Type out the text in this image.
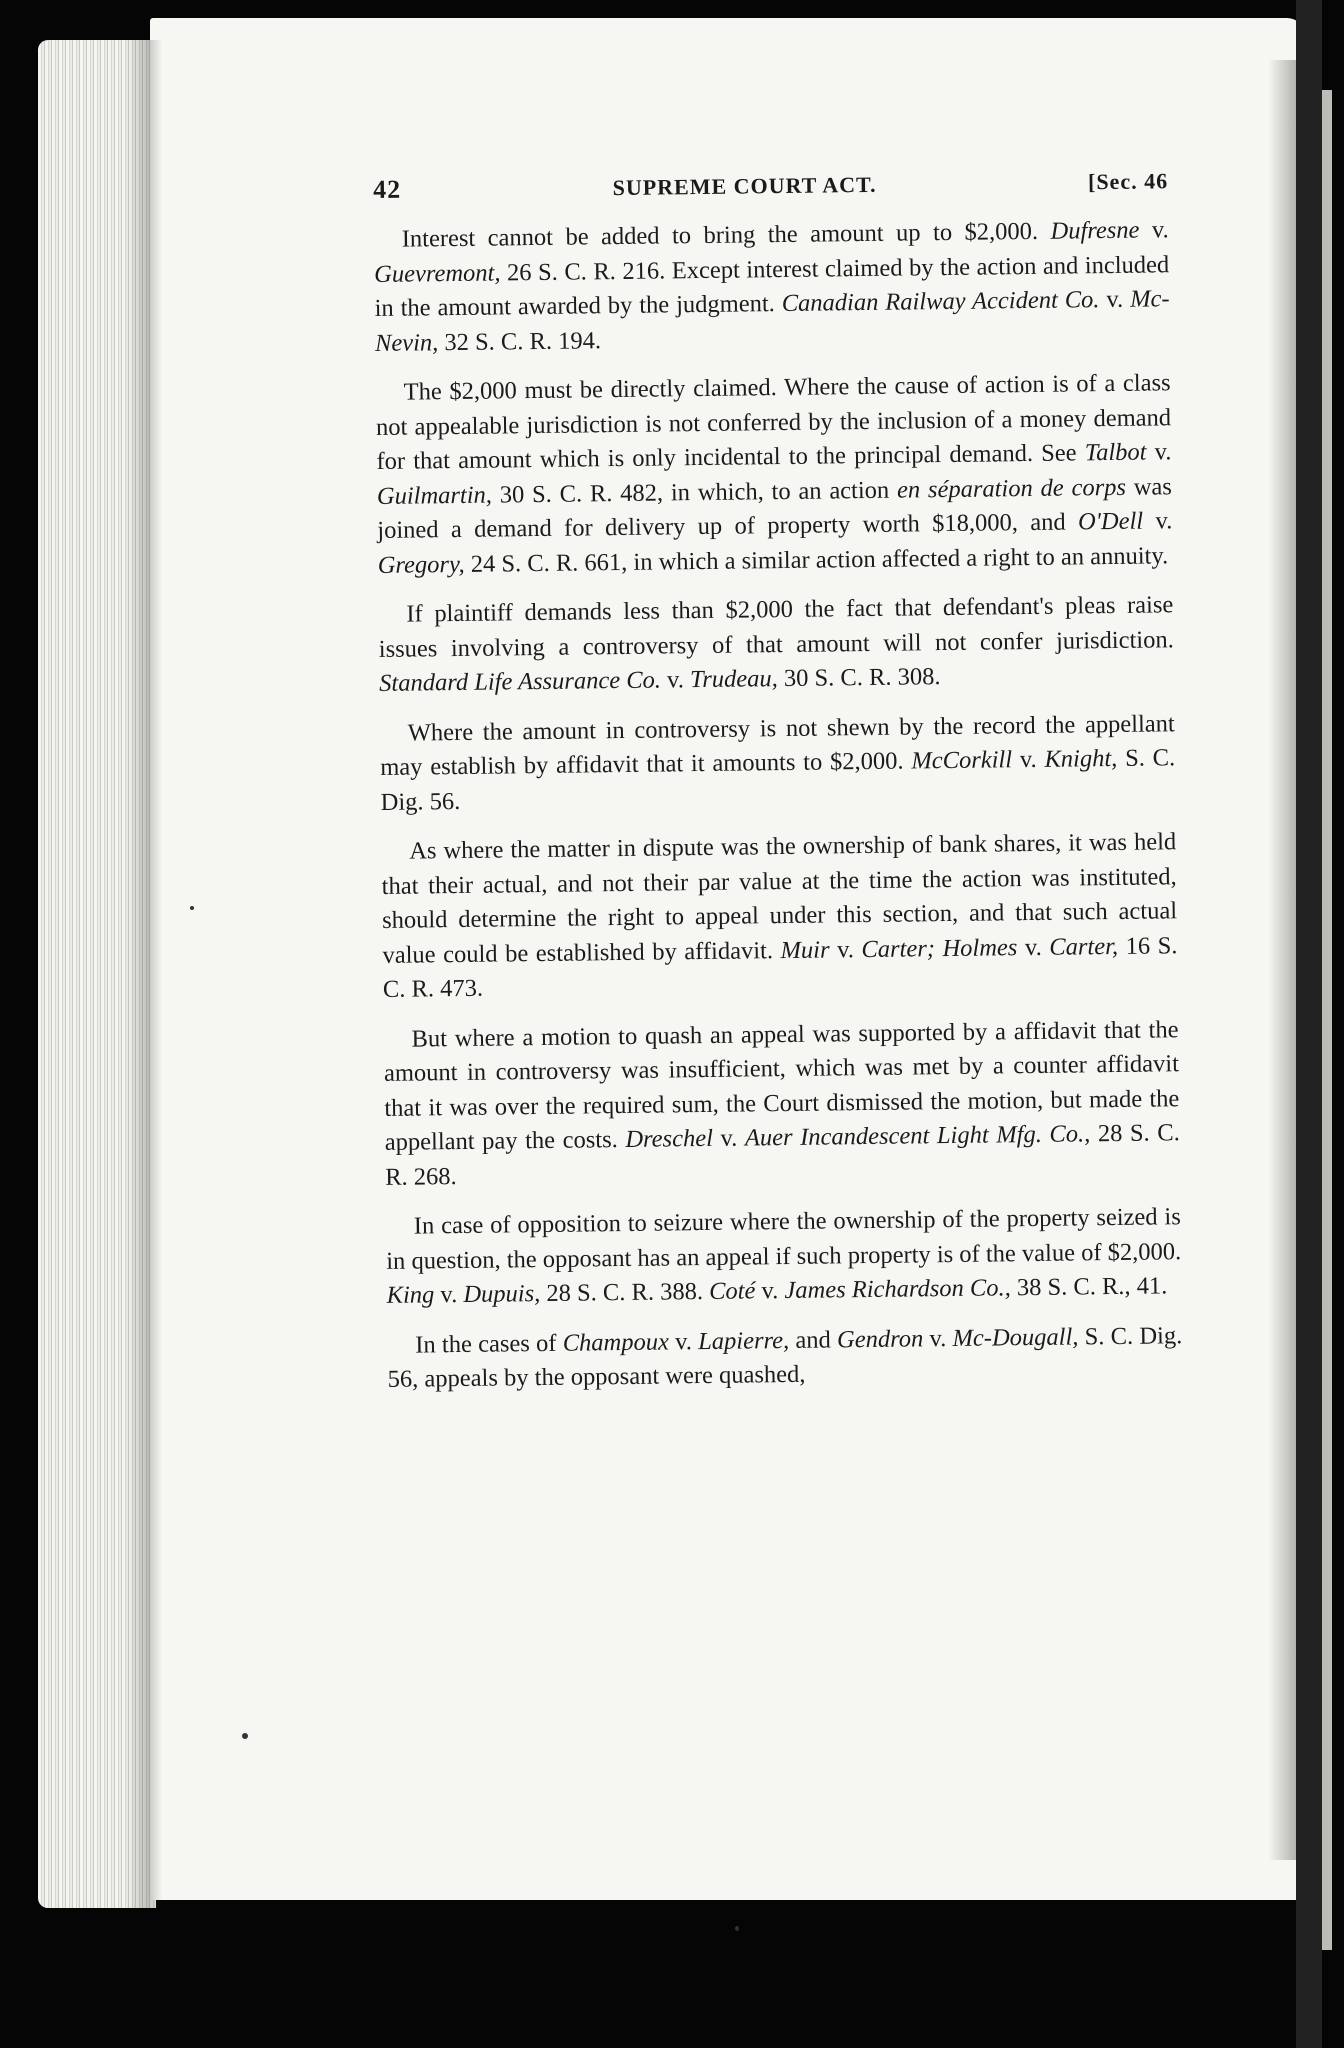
42	SUPREME COURT ACT.	[Sec. 46

Interest cannot be added to bring the amount up to $2,000. Dufresne v. Guevremont, 26 S. C. R. 216. Except interest claimed by the action and included in the amount awarded by the judgment. Canadian Railway Accident Co. v. Mc-Nevin, 32 S. C. R. 194.

The $2,000 must be directly claimed. Where the cause of action is of a class not appealable jurisdiction is not conferred by the inclusion of a money demand for that amount which is only incidental to the principal demand. See Talbot v. Guilmartin, 30 S. C. R. 482, in which, to an action en séparation de corps was joined a demand for delivery up of property worth $18,000, and O'Dell v. Gregory, 24 S. C. R. 661, in which a similar action affected a right to an annuity.

If plaintiff demands less than $2,000 the fact that defendant's pleas raise issues involving a controversy of that amount will not confer jurisdiction. Standard Life Assurance Co. v. Trudeau, 30 S. C. R. 308.

Where the amount in controversy is not shewn by the record the appellant may establish by affidavit that it amounts to $2,000. McCorkill v. Knight, S. C. Dig. 56.

As where the matter in dispute was the ownership of bank shares, it was held that their actual, and not their par value at the time the action was instituted, should determine the right to appeal under this section, and that such actual value could be established by affidavit. Muir v. Carter; Holmes v. Carter, 16 S. C. R. 473.

But where a motion to quash an appeal was supported by a affidavit that the amount in controversy was insufficient, which was met by a counter affidavit that it was over the required sum, the Court dismissed the motion, but made the appellant pay the costs. Dreschel v. Auer Incandescent Light Mfg. Co., 28 S. C. R. 268.

In case of opposition to seizure where the ownership of the property seized is in question, the opposant has an appeal if such property is of the value of $2,000. King v. Dupuis, 28 S. C. R. 388. Coté v. James Richardson Co., 38 S. C. R., 41.

In the cases of Champoux v. Lapierre, and Gendron v. Mc-Dougall, S. C. Dig. 56, appeals by the opposant were quashed,
